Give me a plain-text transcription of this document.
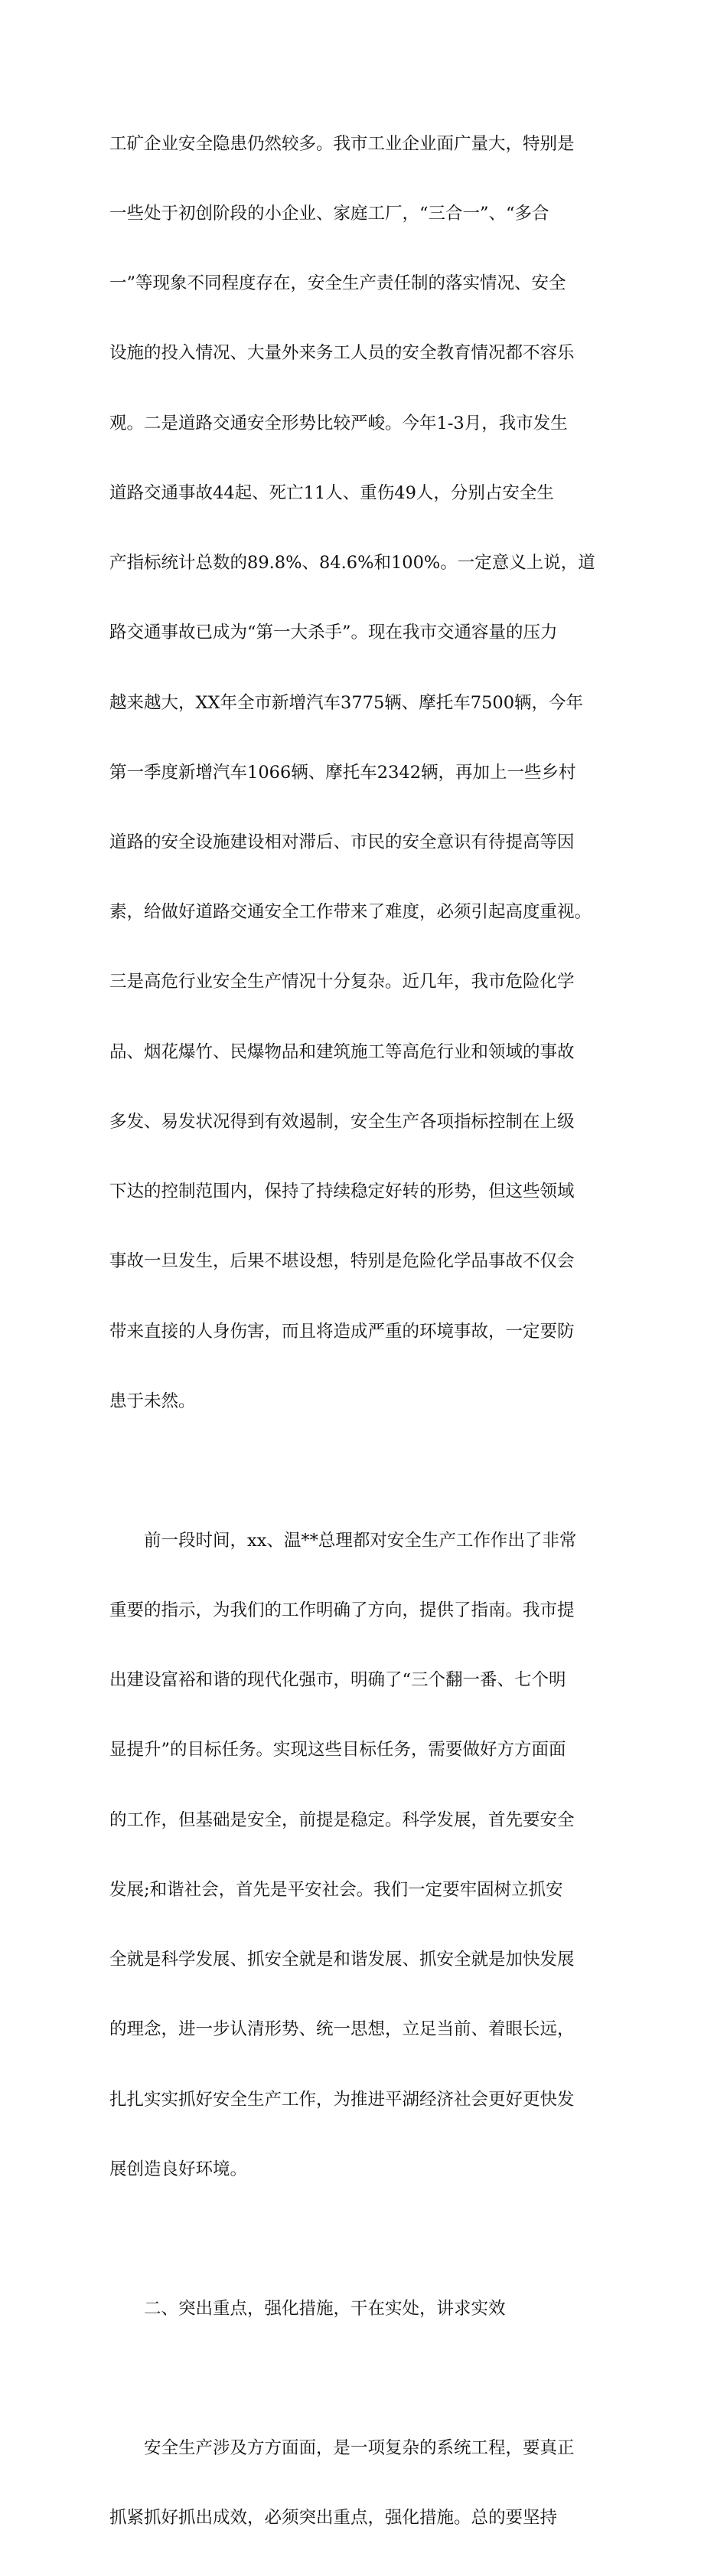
工矿企业安全隐患仍然较多。我市工业企业面广量大，特别是

一些处于初创阶段的小企业、家庭工厂，“三合一”、“多合

一”等现象不同程度存在，安全生产责任制的落实情况、安全

设施的投入情况、大量外来务工人员的安全教育情况都不容乐

观。二是道路交通安全形势比较严峻。今年1-3月，我市发生

道路交通事故44起、死亡11人、重伤49人，分别占安全生

产指标统计总数的89.8%、84.6%和100%。一定意义上说，道

路交通事故已成为“第一大杀手”。现在我市交通容量的压力

越来越大，XX年全市新增汽车3775辆、摩托车7500辆，今年

第一季度新增汽车1066辆、摩托车2342辆，再加上一些乡村

道路的安全设施建设相对滞后、市民的安全意识有待提高等因

素，给做好道路交通安全工作带来了难度，必须引起高度重视。

三是高危行业安全生产情况十分复杂。近几年，我市危险化学

品、烟花爆竹、民爆物品和建筑施工等高危行业和领域的事故

多发、易发状况得到有效遏制，安全生产各项指标控制在上级

下达的控制范围内，保持了持续稳定好转的形势，但这些领域

事故一旦发生，后果不堪设想，特别是危险化学品事故不仅会

带来直接的人身伤害，而且将造成严重的环境事故，一定要防

患于未然。

前一段时间，xx、温**总理都对安全生产工作作出了非常

重要的指示，为我们的工作明确了方向，提供了指南。我市提

出建设富裕和谐的现代化强市，明确了“三个翻一番、七个明

显提升”的目标任务。实现这些目标任务，需要做好方方面面

的工作，但基础是安全，前提是稳定。科学发展，首先要安全

发展;和谐社会，首先是平安社会。我们一定要牢固树立抓安

全就是科学发展、抓安全就是和谐发展、抓安全就是加快发展

的理念，进一步认清形势、统一思想，立足当前、着眼长远，

扎扎实实抓好安全生产工作，为推进平湖经济社会更好更快发

展创造良好环境。

二、突出重点，强化措施，干在实处，讲求实效

安全生产涉及方方面面，是一项复杂的系统工程，要真正

抓紧抓好抓出成效，必须突出重点，强化措施。总的要坚持
